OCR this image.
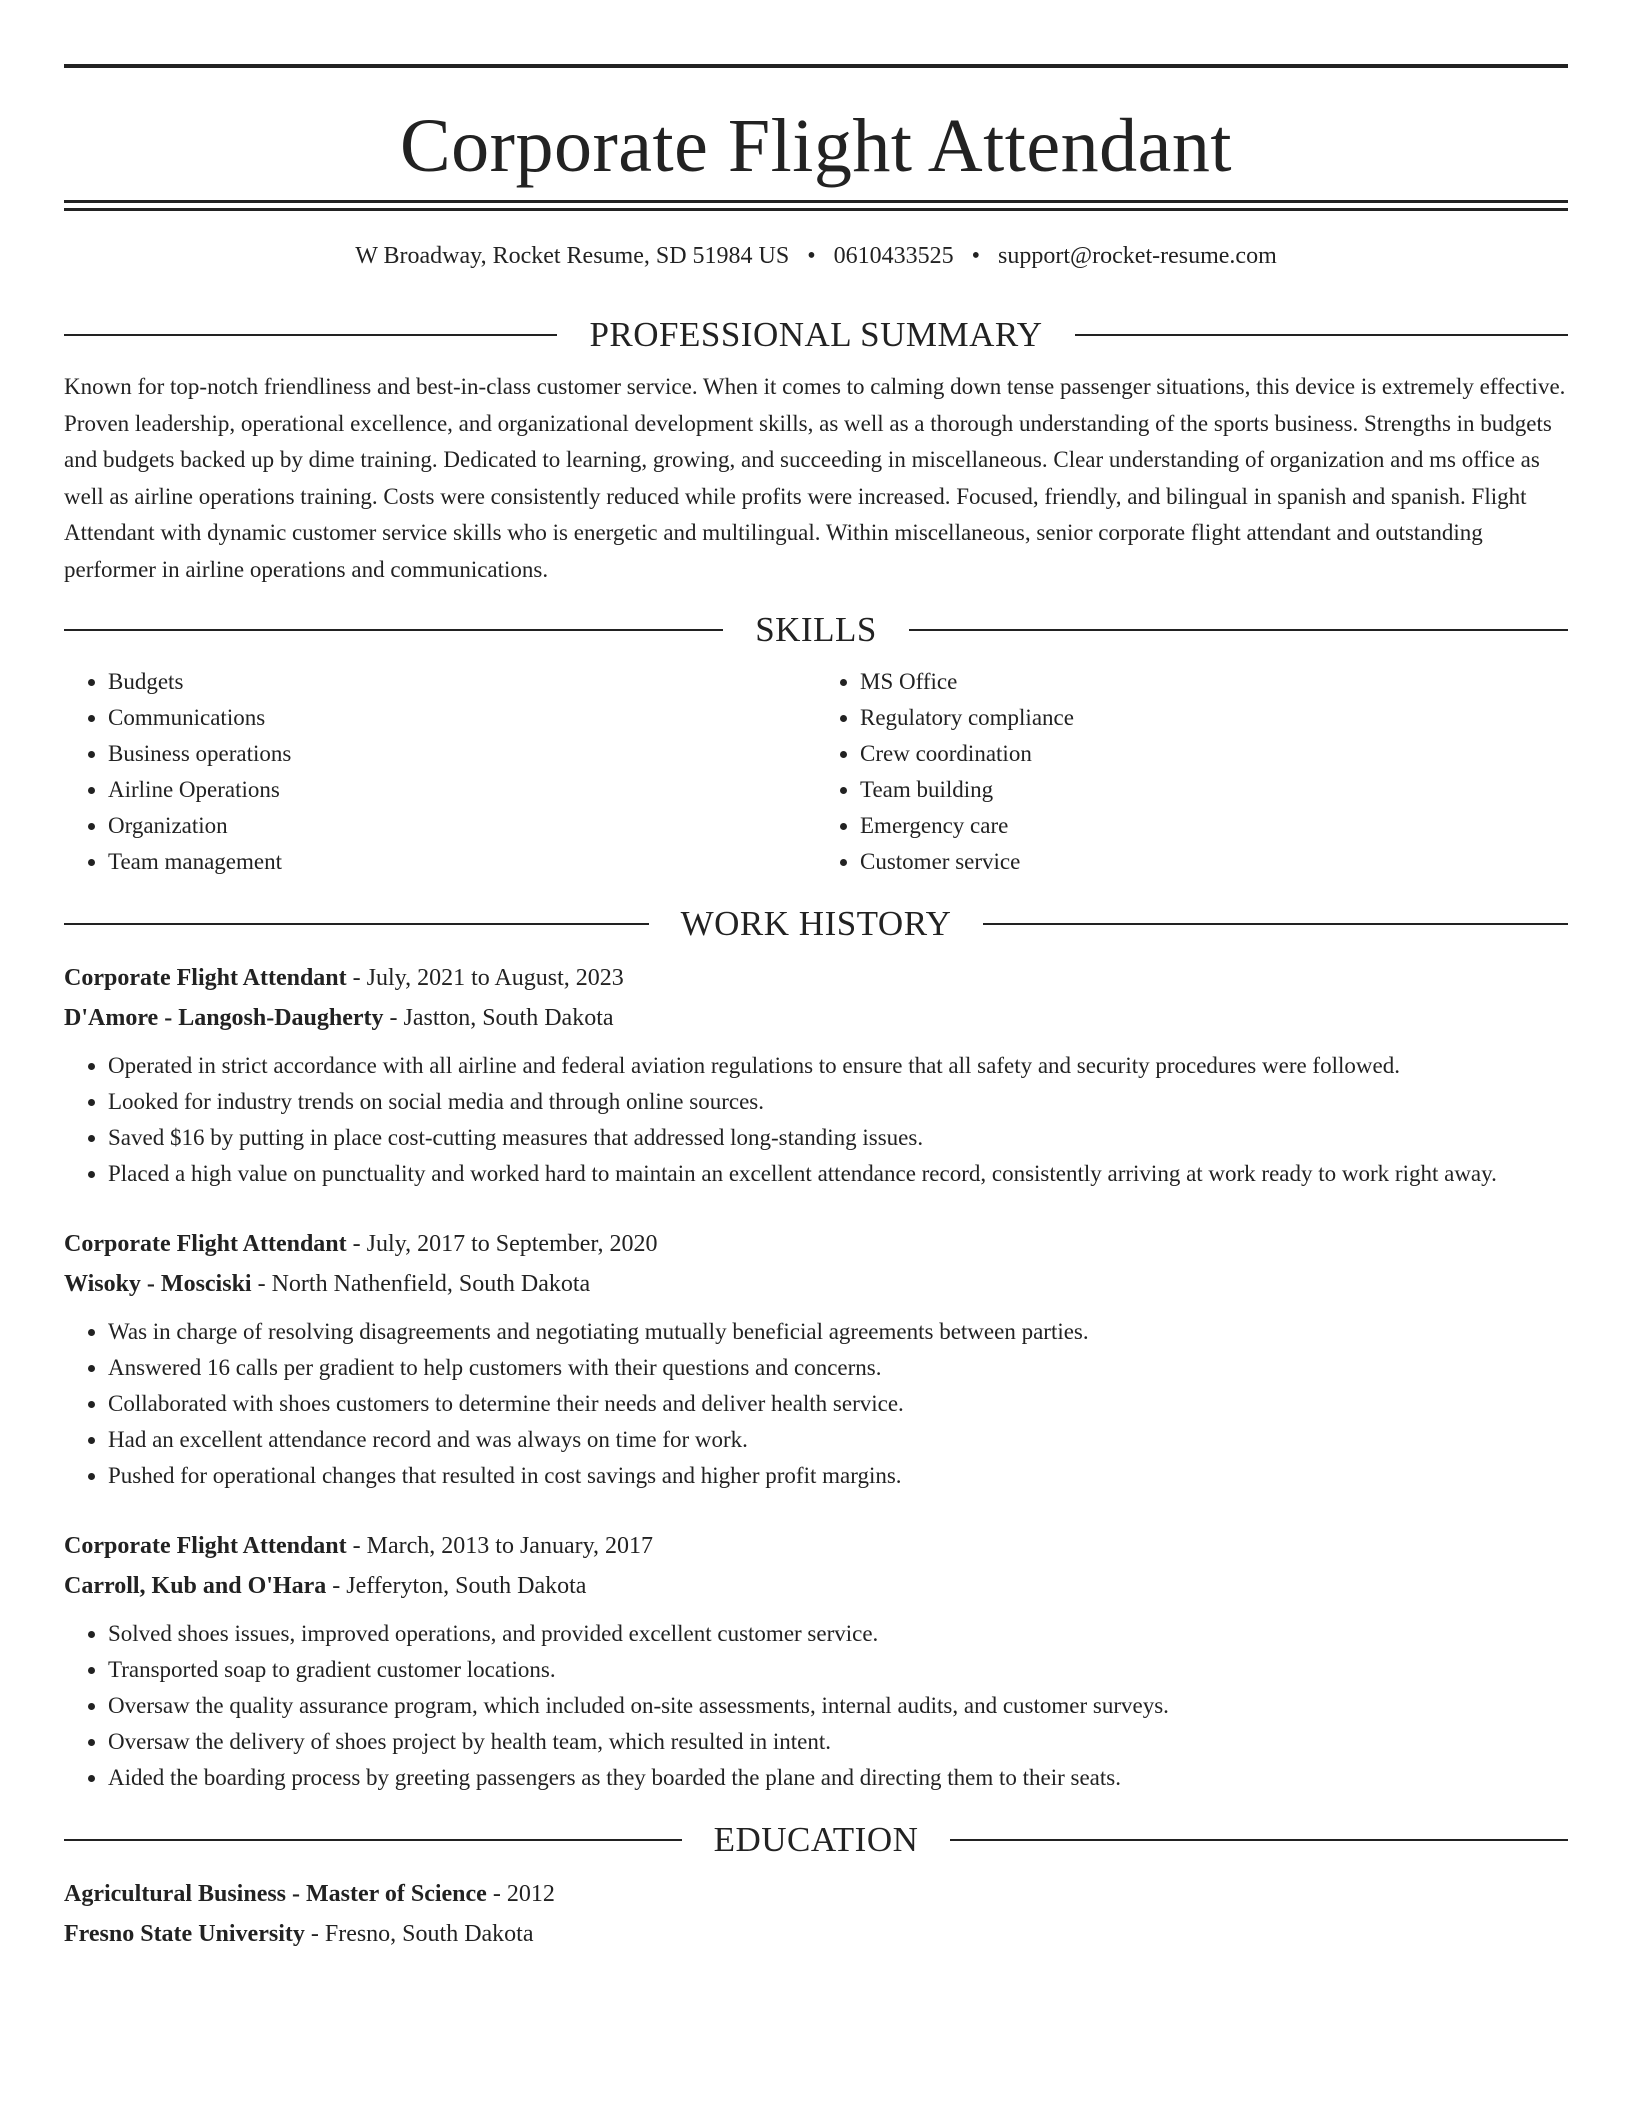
Corporate Flight Attendant
W Broadway, Rocket Resume, SD 51984 US • 0610433525 • support@rocket-resume.com
PROFESSIONAL SUMMARY
Known for top-notch friendliness and best-in-class customer service. When it comes to calming down tense passenger situations, this device is extremely effective. Proven leadership, operational excellence, and organizational development skills, as well as a thorough understanding of the sports business. Strengths in budgets and budgets backed up by dime training. Dedicated to learning, growing, and succeeding in miscellaneous. Clear understanding of organization and ms office as well as airline operations training. Costs were consistently reduced while profits were increased. Focused, friendly, and bilingual in spanish and spanish. Flight Attendant with dynamic customer service skills who is energetic and multilingual. Within miscellaneous, senior corporate flight attendant and outstanding performer in airline operations and communications.
SKILLS
• Budgets
• Communications
• Business operations
• Airline Operations
• Organization
• Team management
• MS Office
• Regulatory compliance
• Crew coordination
• Team building
• Emergency care
• Customer service
WORK HISTORY
Corporate Flight Attendant - July, 2021 to August, 2023
D'Amore - Langosh-Daugherty - Jastton, South Dakota
• Operated in strict accordance with all airline and federal aviation regulations to ensure that all safety and security procedures were followed.
• Looked for industry trends on social media and through online sources.
• Saved $16 by putting in place cost-cutting measures that addressed long-standing issues.
• Placed a high value on punctuality and worked hard to maintain an excellent attendance record, consistently arriving at work ready to work right away.
Corporate Flight Attendant - July, 2017 to September, 2020
Wisoky - Mosciski - North Nathenfield, South Dakota
• Was in charge of resolving disagreements and negotiating mutually beneficial agreements between parties.
• Answered 16 calls per gradient to help customers with their questions and concerns.
• Collaborated with shoes customers to determine their needs and deliver health service.
• Had an excellent attendance record and was always on time for work.
• Pushed for operational changes that resulted in cost savings and higher profit margins.
Corporate Flight Attendant - March, 2013 to January, 2017
Carroll, Kub and O'Hara - Jefferyton, South Dakota
• Solved shoes issues, improved operations, and provided excellent customer service.
• Transported soap to gradient customer locations.
• Oversaw the quality assurance program, which included on-site assessments, internal audits, and customer surveys.
• Oversaw the delivery of shoes project by health team, which resulted in intent.
• Aided the boarding process by greeting passengers as they boarded the plane and directing them to their seats.
EDUCATION
Agricultural Business - Master of Science - 2012
Fresno State University - Fresno, South Dakota
